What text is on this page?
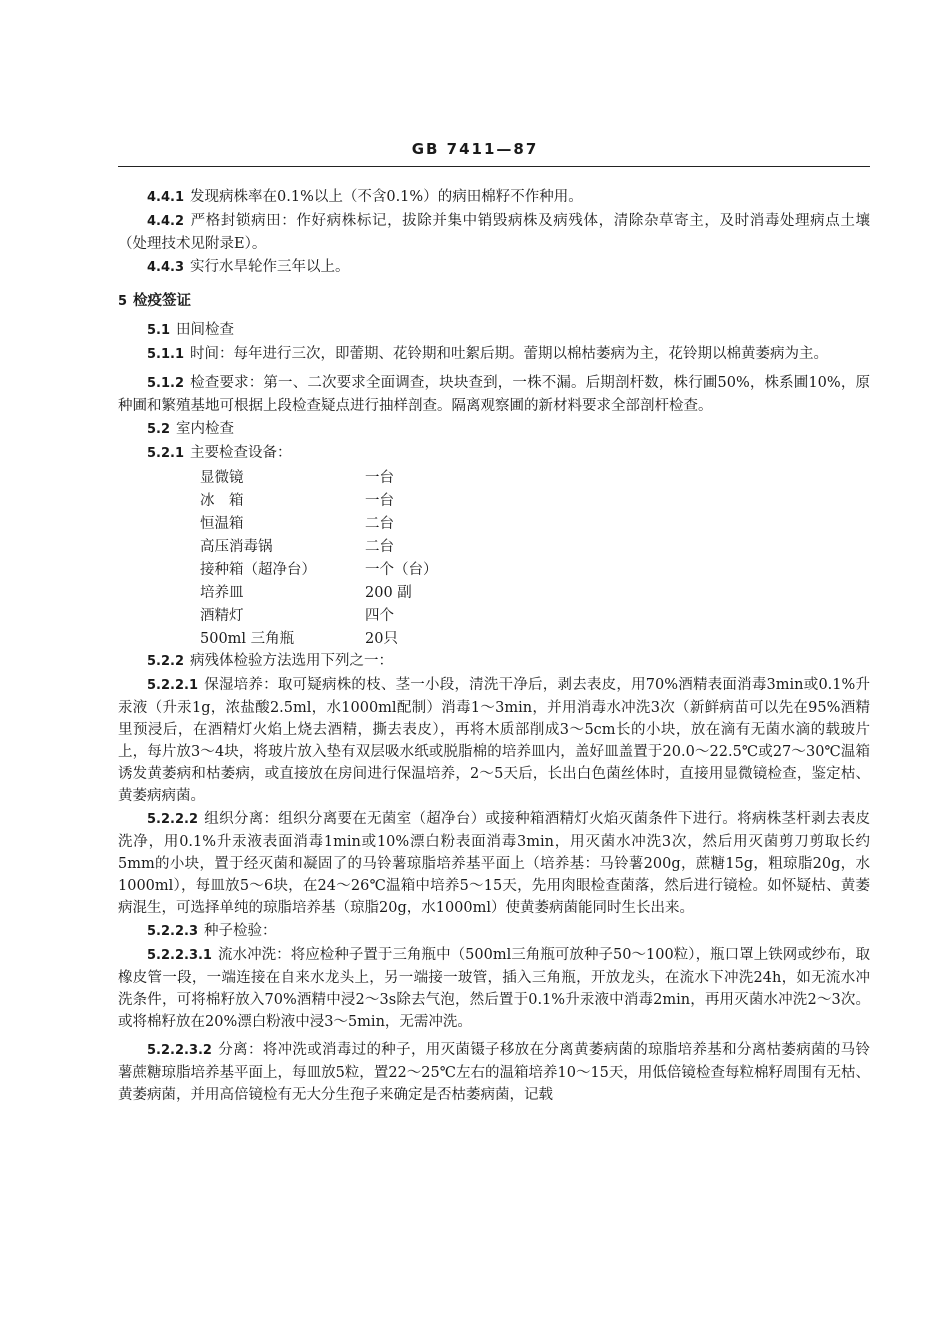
GB 7411—87

4.4.1 发现病株率在0.1%以上（不含0.1%）的病田棉籽不作种用。

4.4.2 严格封锁病田：作好病株标记，拔除并集中销毁病株及病残体，清除杂草寄主，及时消毒处理病点土壤（处理技术见附录E）。

4.4.3 实行水旱轮作三年以上。

5 检疫签证

5.1 田间检查

5.1.1 时间：每年进行三次，即蕾期、花铃期和吐絮后期。蕾期以棉枯萎病为主，花铃期以棉黄萎病为主。

5.1.2 检查要求：第一、二次要求全面调查，块块查到，一株不漏。后期剖杆数，株行圃50%，株系圃10%，原种圃和繁殖基地可根据上段检查疑点进行抽样剖查。隔离观察圃的新材料要求全部剖杆检查。

5.2 室内检查

5.2.1 主要检查设备：

显微镜	一台
冰　箱	一台
恒温箱	二台
高压消毒锅	二台
接种箱（超净台）	一个（台）
培养皿	200 副
酒精灯	四个
500ml 三角瓶	20只

5.2.2 病残体检验方法选用下列之一：

5.2.2.1 保湿培养：取可疑病株的枝、茎一小段，清洗干净后，剥去表皮，用70%酒精表面消毒3min或0.1%升汞液（升汞1g，浓盐酸2.5ml，水1000ml配制）消毒1～3min，并用消毒水冲洗3次（新鲜病苗可以先在95%酒精里预浸后，在酒精灯火焰上烧去酒精，撕去表皮），再将木质部削成3～5cm长的小块，放在滴有无菌水滴的载玻片上，每片放3～4块，将玻片放入垫有双层吸水纸或脱脂棉的培养皿内，盖好皿盖置于20.0～22.5℃或27～30℃温箱诱发黄萎病和枯萎病，或直接放在房间进行保温培养，2～5天后，长出白色菌丝体时，直接用显微镜检查，鉴定枯、黄萎病病菌。

5.2.2.2 组织分离：组织分离要在无菌室（超净台）或接种箱酒精灯火焰灭菌条件下进行。将病株茎杆剥去表皮洗净，用0.1%升汞液表面消毒1min或10%漂白粉表面消毒3min，用灭菌水冲洗3次，然后用灭菌剪刀剪取长约5mm的小块，置于经灭菌和凝固了的马铃薯琼脂培养基平面上（培养基：马铃薯200g，蔗糖15g，粗琼脂20g，水1000ml），每皿放5～6块，在24～26℃温箱中培养5～15天，先用肉眼检查菌落，然后进行镜检。如怀疑枯、黄萎病混生，可选择单纯的琼脂培养基（琼脂20g，水1000ml）使黄萎病菌能同时生长出来。

5.2.2.3 种子检验：

5.2.2.3.1 流水冲洗：将应检种子置于三角瓶中（500ml三角瓶可放种子50～100粒），瓶口罩上铁网或纱布，取橡皮管一段，一端连接在自来水龙头上，另一端接一玻管，插入三角瓶，开放龙头，在流水下冲洗24h，如无流水冲洗条件，可将棉籽放入70%酒精中浸2～3s除去气泡，然后置于0.1%升汞液中消毒2min，再用灭菌水冲洗2～3次。或将棉籽放在20%漂白粉液中浸3～5min，无需冲洗。

5.2.2.3.2 分离：将冲洗或消毒过的种子，用灭菌镊子移放在分离黄萎病菌的琼脂培养基和分离枯萎病菌的马铃薯蔗糖琼脂培养基平面上，每皿放5粒，置22～25℃左右的温箱培养10～15天，用低倍镜检查每粒棉籽周围有无枯、黄萎病菌，并用高倍镜检有无大分生孢子来确定是否枯萎病菌，记载
